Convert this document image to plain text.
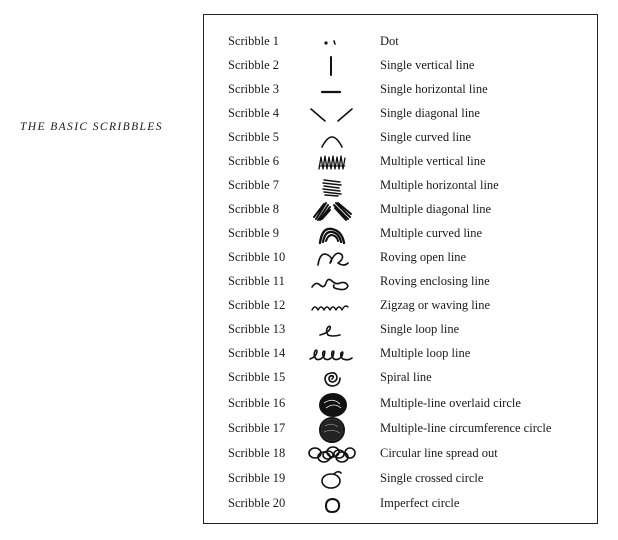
THE BASIC SCRIBBLES
Scribble 1	Dot
Scribble 2	Single vertical line
Scribble 3	Single horizontal line
Scribble 4	Single diagonal line
Scribble 5	Single curved line
Scribble 6	Multiple vertical line
Scribble 7	Multiple horizontal line
Scribble 8	Multiple diagonal line
Scribble 9	Multiple curved line
Scribble 10	Roving open line
Scribble 11	Roving enclosing line
Scribble 12	Zigzag or waving line
Scribble 13	Single loop line
Scribble 14	Multiple loop line
Scribble 15	Spiral line
Scribble 16	Multiple-line overlaid circle
Scribble 17	Multiple-line circumference circle
Scribble 18	Circular line spread out
Scribble 19	Single crossed circle
Scribble 20	Imperfect circle
